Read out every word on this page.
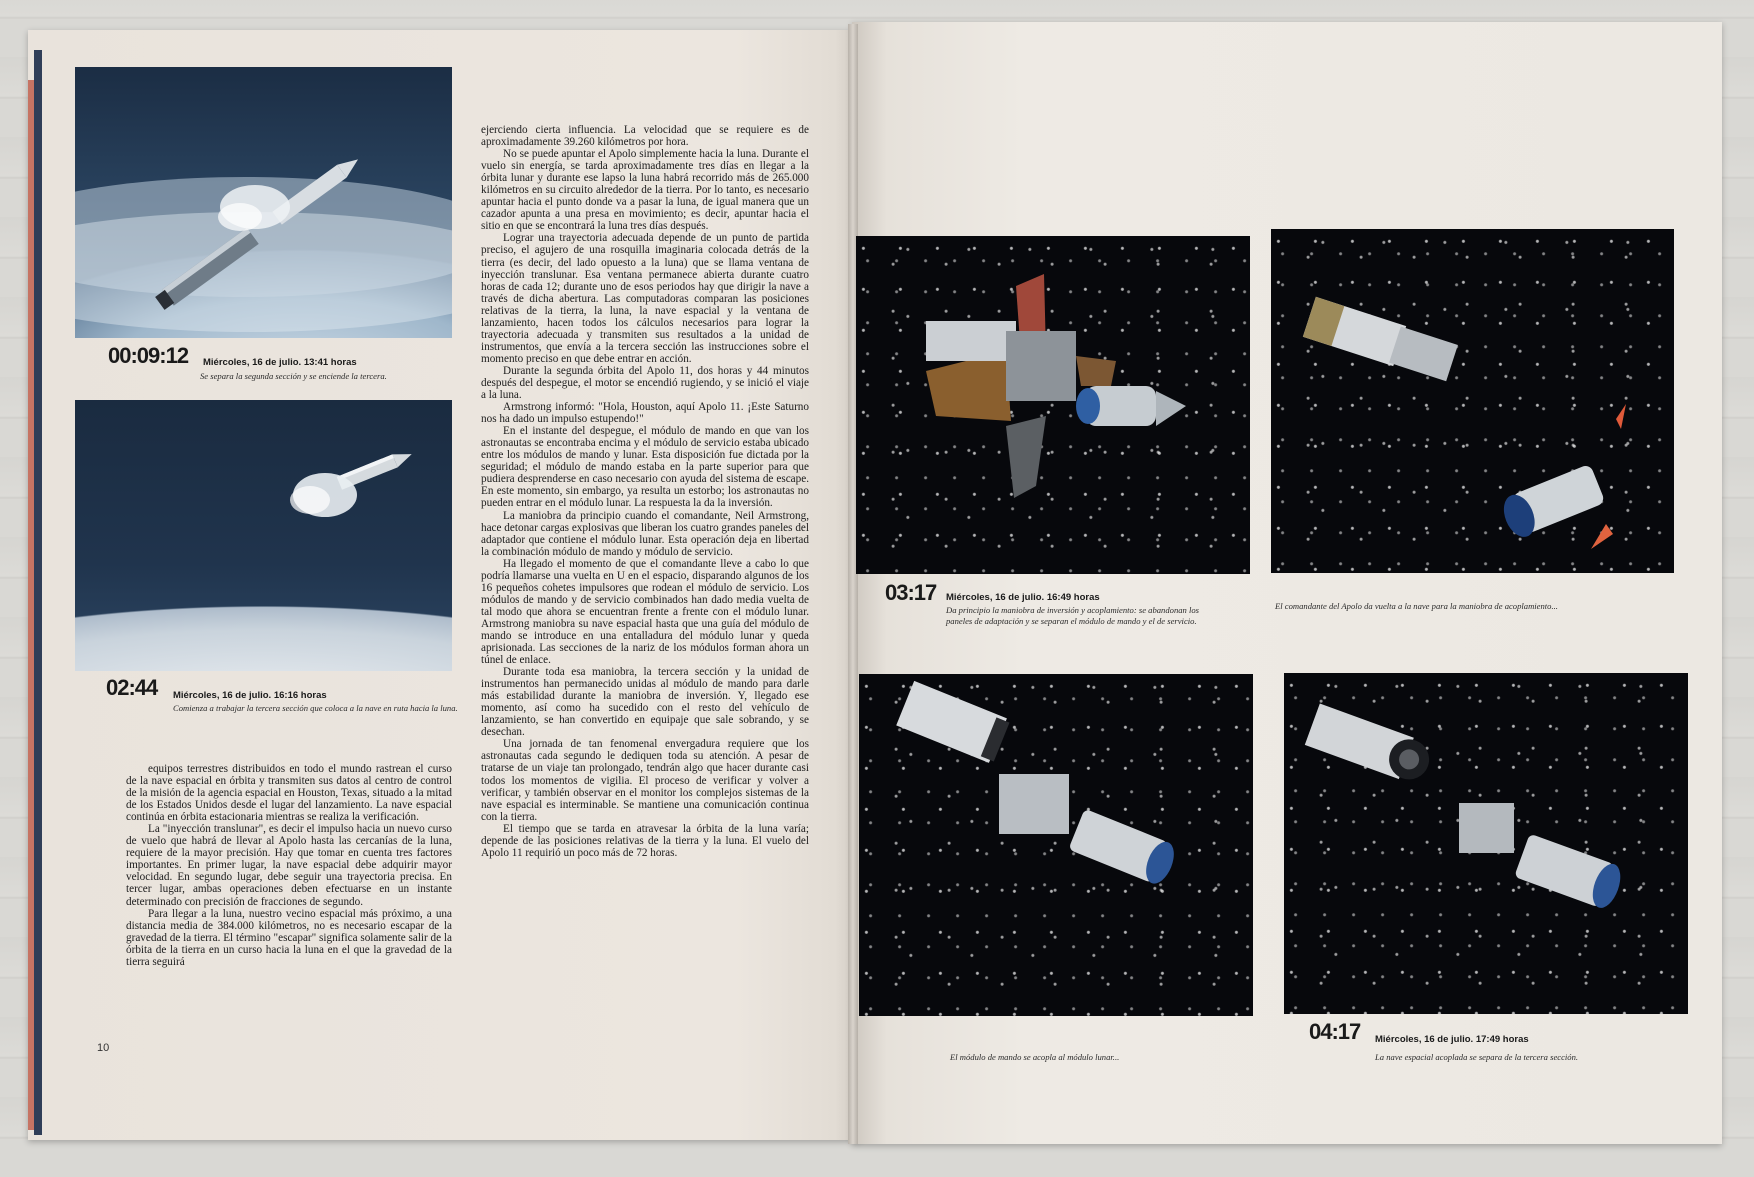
00:09:12 Miércoles, 16 de julio. 13:41 horas
Se separa la segunda sección y se enciende la tercera.
02:44 Miércoles, 16 de julio. 16:16 horas
Comienza a trabajar la tercera sección que coloca a la nave en ruta hacia la luna.

equipos terrestres distribuidos en todo el mundo rastrean el curso de la nave espacial en órbita y transmiten sus datos al centro de control de la misión de la agencia espacial en Houston, Texas, situado a la mitad de los Estados Unidos desde el lugar del lanzamiento. La nave espacial continúa en órbita estacionaria mientras se realiza la verificación.

La "inyección translunar", es decir el impulso hacia un nuevo curso de vuelo que habrá de llevar al Apolo hasta las cercanías de la luna, requiere de la mayor precisión. Hay que tomar en cuenta tres factores importantes. En primer lugar, la nave espacial debe adquirir mayor velocidad. En segundo lugar, debe seguir una trayectoria precisa. En tercer lugar, ambas operaciones deben efectuarse en un instante determinado con precisión de fracciones de segundo.

Para llegar a la luna, nuestro vecino espacial más próximo, a una distancia media de 384.000 kilómetros, no es necesario escapar de la gravedad de la tierra. El término "escapar" significa solamente salir de la órbita de la tierra en un curso hacia la luna en el que la gravedad de la tierra seguirá

ejerciendo cierta influencia. La velocidad que se requiere es de aproximadamente 39.260 kilómetros por hora.

No se puede apuntar el Apolo simplemente hacia la luna. Durante el vuelo sin energía, se tarda aproximadamente tres días en llegar a la órbita lunar y durante ese lapso la luna habrá recorrido más de 265.000 kilómetros en su circuito alrededor de la tierra. Por lo tanto, es necesario apuntar hacia el punto donde va a pasar la luna, de igual manera que un cazador apunta a una presa en movimiento; es decir, apuntar hacia el sitio en que se encontrará la luna tres días después.

Lograr una trayectoria adecuada depende de un punto de partida preciso, el agujero de una rosquilla imaginaria colocada detrás de la tierra (es decir, del lado opuesto a la luna) que se llama ventana de inyección translunar. Esa ventana permanece abierta durante cuatro horas de cada 12; durante uno de esos periodos hay que dirigir la nave a través de dicha abertura. Las computadoras comparan las posiciones relativas de la tierra, la luna, la nave espacial y la ventana de lanzamiento, hacen todos los cálculos necesarios para lograr la trayectoria adecuada y transmiten sus resultados a la unidad de instrumentos, que envía a la tercera sección las instrucciones sobre el momento preciso en que debe entrar en acción.

Durante la segunda órbita del Apolo 11, dos horas y 44 minutos después del despegue, el motor se encendió rugiendo, y se inició el viaje a la luna.

Armstrong informó: "Hola, Houston, aquí Apolo 11. ¡Este Saturno nos ha dado un impulso estupendo!"

En el instante del despegue, el módulo de mando en que van los astronautas se encontraba encima y el módulo de servicio estaba ubicado entre los módulos de mando y lunar. Esta disposición fue dictada por la seguridad; el módulo de mando estaba en la parte superior para que pudiera desprenderse en caso necesario con ayuda del sistema de escape. En este momento, sin embargo, ya resulta un estorbo; los astronautas no pueden entrar en el módulo lunar. La respuesta la da la inversión.

La maniobra da principio cuando el comandante, Neil Armstrong, hace detonar cargas explosivas que liberan los cuatro grandes paneles del adaptador que contiene el módulo lunar. Esta operación deja en libertad la combinación módulo de mando y módulo de servicio.

Ha llegado el momento de que el comandante lleve a cabo lo que podría llamarse una vuelta en U en el espacio, disparando algunos de los 16 pequeños cohetes impulsores que rodean el módulo de servicio. Los módulos de mando y de servicio combinados han dado media vuelta de tal modo que ahora se encuentran frente a frente con el módulo lunar. Armstrong maniobra su nave espacial hasta que una guía del módulo de mando se introduce en una entalladura del módulo lunar y queda aprisionada. Las secciones de la nariz de los módulos forman ahora un túnel de enlace.

Durante toda esa maniobra, la tercera sección y la unidad de instrumentos han permanecido unidas al módulo de mando para darle más estabilidad durante la maniobra de inversión. Y, llegado ese momento, así como ha sucedido con el resto del vehículo de lanzamiento, se han convertido en equipaje que sale sobrando, y se desechan.

Una jornada de tan fenomenal envergadura requiere que los astronautas cada segundo le dediquen toda su atención. A pesar de tratarse de un viaje tan prolongado, tendrán algo que hacer durante casi todos los momentos de vigilia. El proceso de verificar y volver a verificar, y también observar en el monitor los complejos sistemas de la nave espacial es interminable. Se mantiene una comunicación continua con la tierra.

El tiempo que se tarda en atravesar la órbita de la luna varía; depende de las posiciones relativas de la tierra y la luna. El vuelo del Apolo 11 requirió un poco más de 72 horas.

10
03:17 Miércoles, 16 de julio. 16:49 horas
Da principio la maniobra de inversión y acoplamiento: se abandonan los paneles de adaptación y se separan el módulo de mando y el de servicio.
El comandante del Apolo da vuelta a la nave para la maniobra de acoplamiento...
El módulo de mando se acopla al módulo lunar...
04:17 Miércoles, 16 de julio. 17:49 horas
La nave espacial acoplada se separa de la tercera sección.
